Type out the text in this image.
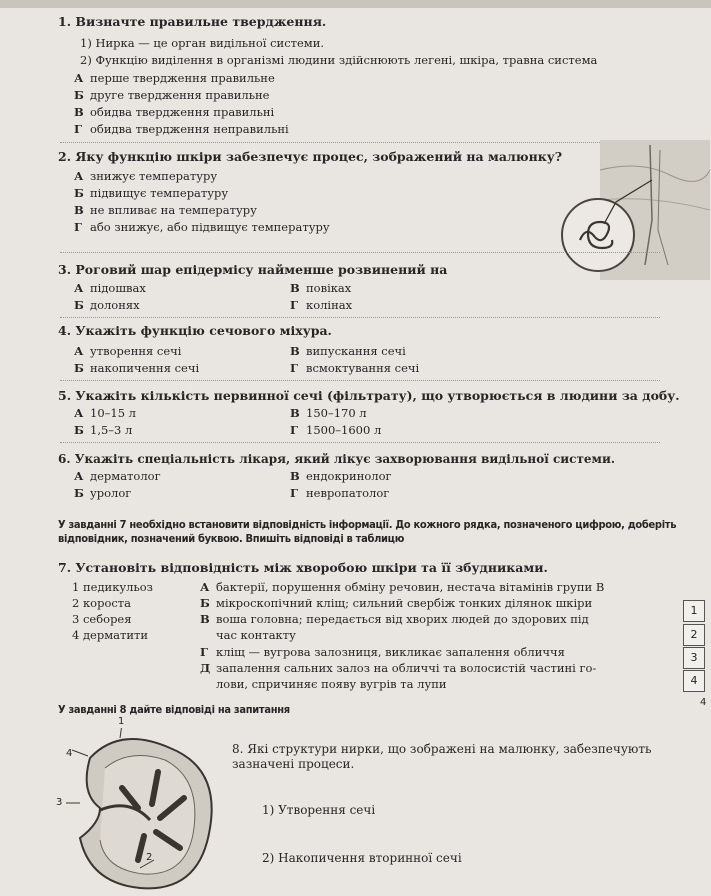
1. Визначте правильне твердження.
1) Нирка — це орган видільної системи.
2) Функцію виділення в організмі людини здійснюють легені, шкіра, травна система
А перше твердження правильне
Б друге твердження правильне
В обидва твердження правильні
Г обидва твердження неправильні
2. Яку функцію шкіри забезпечує процес, зображений на малюнку?
А знижує температуру
Б підвищує температуру
В не впливає на температуру
Г або знижує, або підвищує температуру
3. Роговий шар епідермісу найменше розвинений на
А підошвах
Б долонях
В повіках
Г колінах
4. Укажіть функцію сечового міхура.
А утворення сечі
Б накопичення сечі
В випускання сечі
Г всмоктування сечі
5. Укажіть кількість первинної сечі (фільтрату), що утворюється в людини за добу.
А 10–15 л
Б 1,5–3 л
В 150–170 л
Г 1500–1600 л
6. Укажіть спеціальність лікаря, який лікує захворювання видільної системи.
А дерматолог
Б уролог
В ендокринолог
Г невропатолог
У завданні 7 необхідно встановити відповідність інформації. До кожного рядка, позначеного цифрою, доберіть відповідник, позначений буквою. Впишіть відповіді в таблицю
7. Установіть відповідність між хворобою шкіри та її збудниками.
1 педикульоз
2 короста
3 себорея
4 дерматити
А бактерії, порушення обміну речовин, нестача вітамінів групи В
Б мікроскопічний кліщ; сильний свербіж тонких ділянок шкіри
В воша головна; передається від хворих людей до здорових під
час контакту
Г кліщ — вугрова залозниця, викликає запалення обличчя
Д запалення сальних залоз на обличчі та волосистій частині го-
лови, спричиняє появу вугрів та лупи
1
2
3
4
4
У завданні 8 дайте відповіді на запитання
1
4
3
2
8. Які структури нирки, що зображені на малюнку, забезпечують
зазначені процеси.
1) Утворення сечі
2) Накопичення вторинної сечі
